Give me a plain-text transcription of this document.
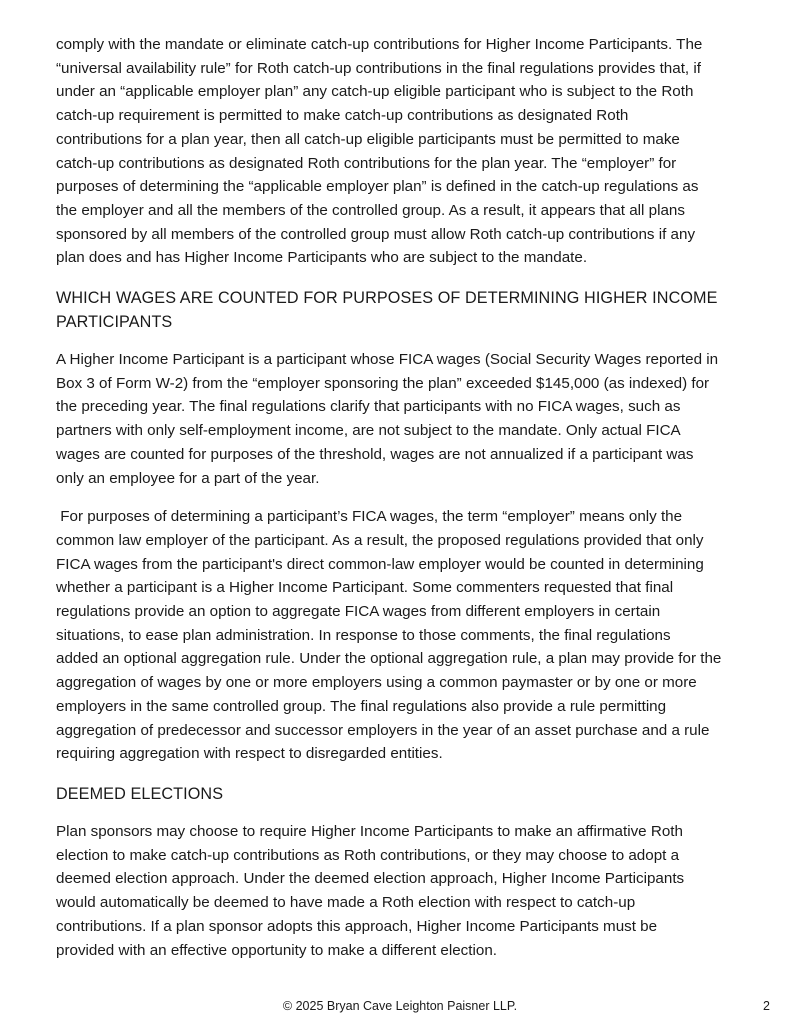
comply with the mandate or eliminate catch-up contributions for Higher Income Participants. The
“universal availability rule” for Roth catch-up contributions in the final regulations provides that, if
under an “applicable employer plan” any catch-up eligible participant who is subject to the Roth
catch-up requirement is permitted to make catch-up contributions as designated Roth
contributions for a plan year, then all catch-up eligible participants must be permitted to make
catch-up contributions as designated Roth contributions for the plan year. The “employer” for
purposes of determining the “applicable employer plan” is defined in the catch-up regulations as
the employer and all the members of the controlled group. As a result, it appears that all plans
sponsored by all members of the controlled group must allow Roth catch-up contributions if any
plan does and has Higher Income Participants who are subject to the mandate.

WHICH WAGES ARE COUNTED FOR PURPOSES OF DETERMINING HIGHER INCOME
PARTICIPANTS

A Higher Income Participant is a participant whose FICA wages (Social Security Wages reported in
Box 3 of Form W-2) from the “employer sponsoring the plan” exceeded $145,000 (as indexed) for
the preceding year. The final regulations clarify that participants with no FICA wages, such as
partners with only self-employment income, are not subject to the mandate. Only actual FICA
wages are counted for purposes of the threshold, wages are not annualized if a participant was
only an employee for a part of the year.

For purposes of determining a participant’s FICA wages, the term “employer” means only the
common law employer of the participant. As a result, the proposed regulations provided that only
FICA wages from the participant's direct common-law employer would be counted in determining
whether a participant is a Higher Income Participant. Some commenters requested that final
regulations provide an option to aggregate FICA wages from different employers in certain
situations, to ease plan administration. In response to those comments, the final regulations
added an optional aggregation rule. Under the optional aggregation rule, a plan may provide for the
aggregation of wages by one or more employers using a common paymaster or by one or more
employers in the same controlled group. The final regulations also provide a rule permitting
aggregation of predecessor and successor employers in the year of an asset purchase and a rule
requiring aggregation with respect to disregarded entities.

DEEMED ELECTIONS

Plan sponsors may choose to require Higher Income Participants to make an affirmative Roth
election to make catch-up contributions as Roth contributions, or they may choose to adopt a
deemed election approach. Under the deemed election approach, Higher Income Participants
would automatically be deemed to have made a Roth election with respect to catch-up
contributions. If a plan sponsor adopts this approach, Higher Income Participants must be
provided with an effective opportunity to make a different election.

© 2025 Bryan Cave Leighton Paisner LLP.	2
